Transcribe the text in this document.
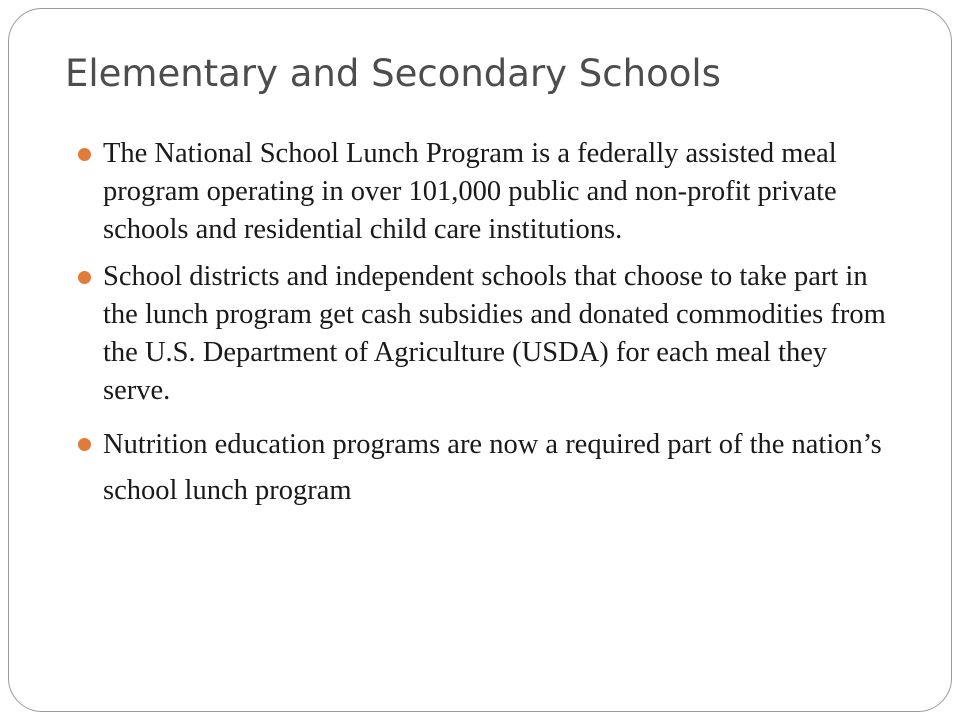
Elementary and Secondary Schools
The National School Lunch Program is a federally assisted meal program operating in over 101,000 public and non-profit private schools and residential child care institutions.
School districts and independent schools that choose to take part in the lunch program get cash subsidies and donated commodities from the U.S. Department of Agriculture (USDA) for each meal they serve.
Nutrition education programs are now a required part of the nation’s school lunch program
